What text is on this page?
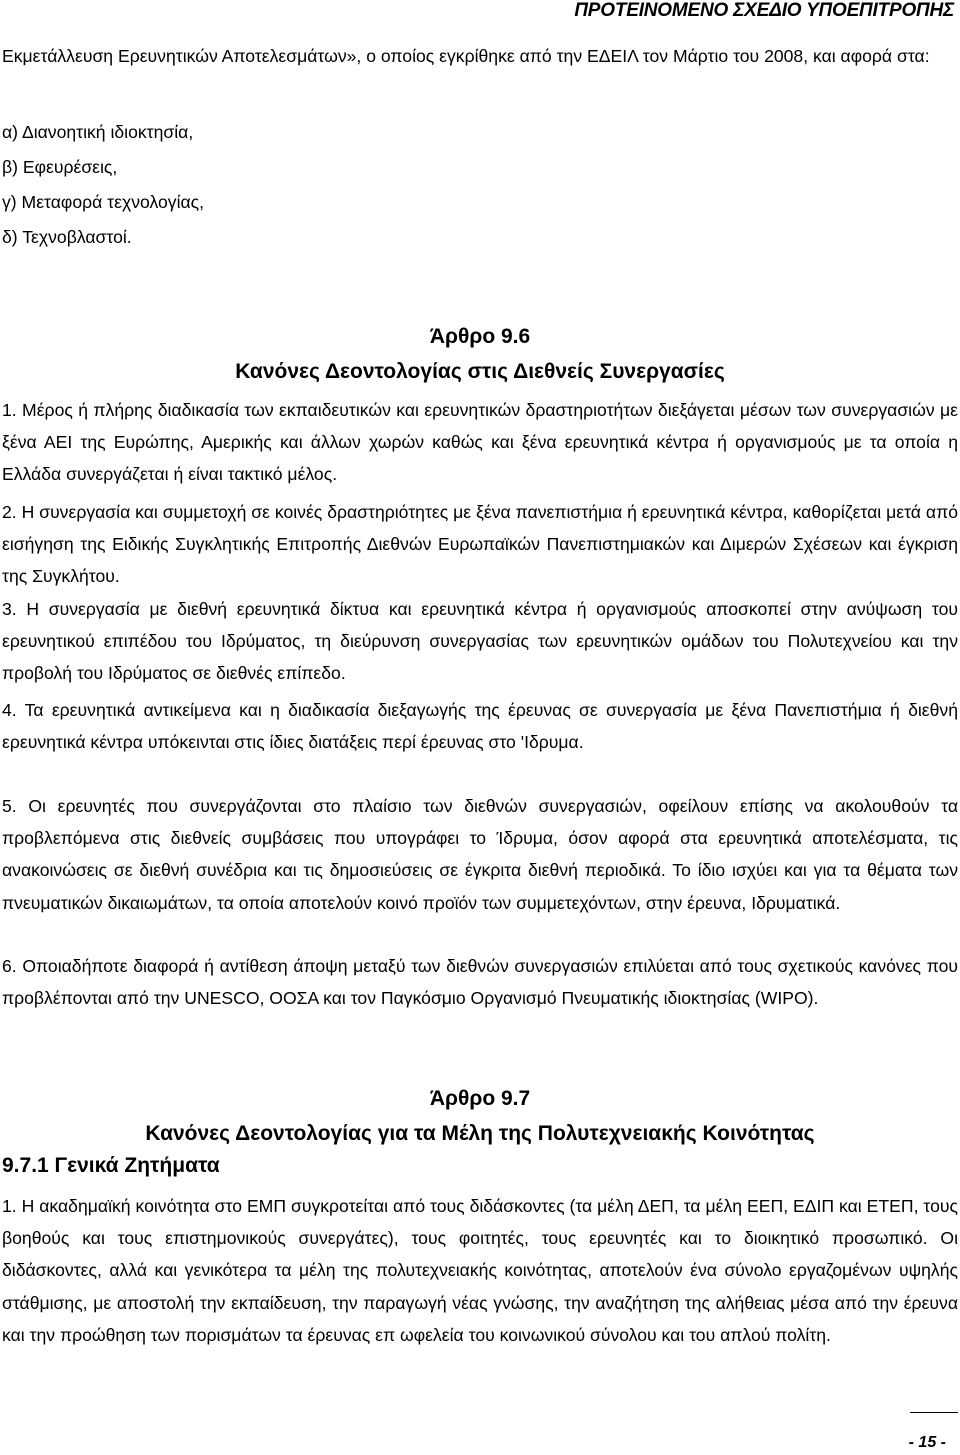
ΠΡΟΤΕΙΝΟΜΕΝΟ ΣΧΕΔΙΟ ΥΠΟΕΠΙΤΡΟΠΗΣ

Εκμετάλλευση Ερευνητικών Αποτελεσμάτων», ο οποίος εγκρίθηκε από την ΕΔΕΙΛ τον Μάρτιο του 2008, και αφορά στα:

α) Διανοητική ιδιοκτησία,

β) Εφευρέσεις,

γ) Μεταφορά τεχνολογίας,

δ) Τεχνοβλαστοί.

Άρθρο 9.6
Κανόνες Δεοντολογίας στις Διεθνείς Συνεργασίες

1. Μέρος ή πλήρης διαδικασία των εκπαιδευτικών και ερευνητικών δραστηριοτήτων διεξάγεται μέσων των συνεργασιών με ξένα ΑΕΙ της Ευρώπης, Αμερικής και άλλων χωρών καθώς και ξένα ερευνητικά κέντρα ή οργανισμούς με τα οποία η Ελλάδα συνεργάζεται ή είναι τακτικό μέλος.

2. Η συνεργασία και συμμετοχή σε κοινές δραστηριότητες με ξένα πανεπιστήμια ή ερευνητικά κέντρα, καθορίζεται μετά από εισήγηση της Ειδικής Συγκλητικής Επιτροπής Διεθνών Ευρωπαϊκών Πανεπιστημιακών και Διμερών Σχέσεων και έγκριση της Συγκλήτου.

3. Η συνεργασία με διεθνή ερευνητικά δίκτυα και ερευνητικά κέντρα ή οργανισμούς αποσκοπεί στην ανύψωση του ερευνητικού επιπέδου του Ιδρύματος, τη διεύρυνση συνεργασίας των ερευνητικών ομάδων του Πολυτεχνείου και την προβολή του Ιδρύματος σε διεθνές επίπεδο.

4. Τα ερευνητικά αντικείμενα και η διαδικασία διεξαγωγής της έρευνας σε συνεργασία με ξένα Πανεπιστήμια ή διεθνή ερευνητικά κέντρα υπόκεινται στις ίδιες διατάξεις περί έρευνας στο 'Ιδρυμα.

5. Οι ερευνητές που συνεργάζονται στο πλαίσιο των διεθνών συνεργασιών, οφείλουν επίσης να ακολουθούν τα προβλεπόμενα στις διεθνείς συμβάσεις που υπογράφει το Ίδρυμα, όσον αφορά στα ερευνητικά αποτελέσματα, τις ανακοινώσεις σε διεθνή συνέδρια και τις δημοσιεύσεις σε έγκριτα διεθνή περιοδικά. Το ίδιο ισχύει και για τα θέματα των πνευματικών δικαιωμάτων, τα οποία αποτελούν κοινό προϊόν των συμμετεχόντων, στην έρευνα, Ιδρυματικά.

6. Οποιαδήποτε διαφορά ή αντίθεση άποψη μεταξύ των διεθνών συνεργασιών επιλύεται από τους σχετικούς κανόνες που προβλέπονται από την UNESCO, ΟΟΣΑ και τον Παγκόσμιο Οργανισμό Πνευματικής ιδιοκτησίας (WIPO).

Άρθρο 9.7
Κανόνες Δεοντολογίας για τα Μέλη της Πολυτεχνειακής Κοινότητας
9.7.1 Γενικά Ζητήματα

1. Η ακαδημαϊκή κοινότητα στο ΕΜΠ συγκροτείται από τους διδάσκοντες (τα μέλη ΔΕΠ, τα μέλη ΕΕΠ, ΕΔΙΠ και ΕΤΕΠ, τους βοηθούς και τους επιστημονικούς συνεργάτες), τους φοιτητές, τους ερευνητές και το διοικητικό προσωπικό. Οι διδάσκοντες, αλλά και γενικότερα τα μέλη της πολυτεχνειακής κοινότητας, αποτελούν ένα σύνολο εργαζομένων υψηλής στάθμισης, με αποστολή την εκπαίδευση, την παραγωγή νέας γνώσης, την αναζήτηση της αλήθειας μέσα από την έρευνα και την προώθηση των πορισμάτων τα έρευνας επ ωφελεία του κοινωνικού σύνολου και του απλού πολίτη.

- 15 -
